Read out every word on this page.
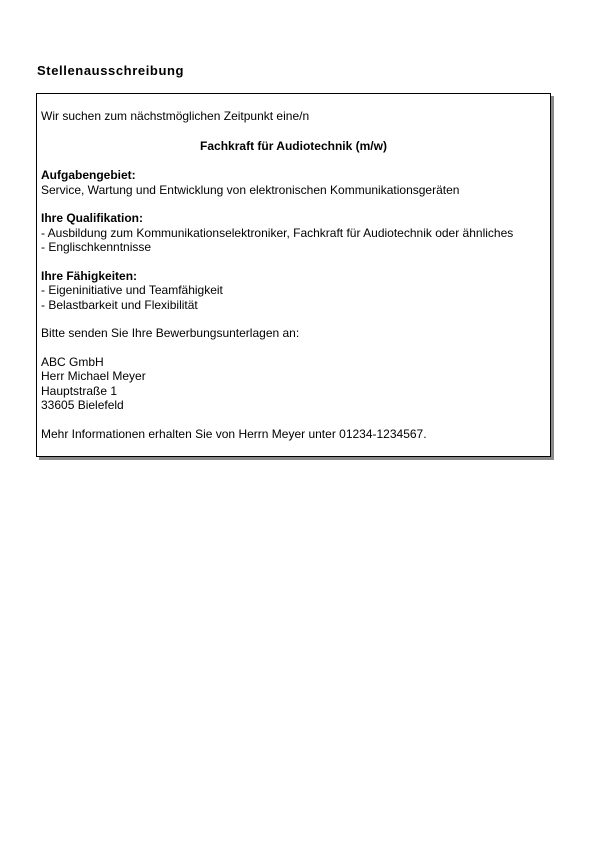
Stellenausschreibung

Wir suchen zum nächstmöglichen Zeitpunkt eine/n

Fachkraft für Audiotechnik (m/w)

Aufgabengebiet:
Service, Wartung und Entwicklung von elektronischen Kommunikationsgeräten
Ihre Qualifikation:
- Ausbildung zum Kommunikationselektroniker, Fachkraft für Audiotechnik oder ähnliches
- Englischkenntnisse
Ihre Fähigkeiten:
- Eigeninitiative und Teamfähigkeit
- Belastbarkeit und Flexibilität
Bitte senden Sie Ihre Bewerbungsunterlagen an:

ABC GmbH

Herr Michael Meyer

Hauptstraße 1

33605 Bielefeld

Mehr Informationen erhalten Sie von Herrn Meyer unter 01234-1234567.
